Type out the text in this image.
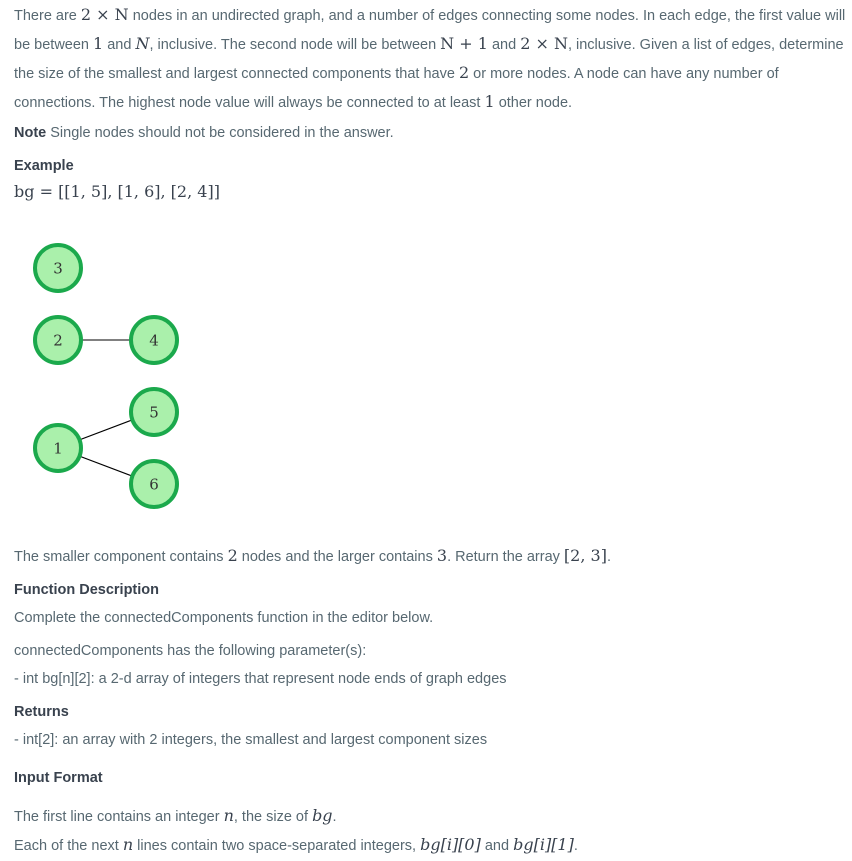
There are 2 × N nodes in an undirected graph, and a number of edges connecting some nodes. In each edge, the first value will be between 1 and N, inclusive. The second node will be between N + 1 and 2 × N, inclusive. Given a list of edges, determine the size of the smallest and largest connected components that have 2 or more nodes. A node can have any number of connections. The highest node value will always be connected to at least 1 other node.

Note Single nodes should not be considered in the answer.

Example

bg = [[1, 5], [1, 6], [2, 4]]

3
2	4
5
1
6

The smaller component contains 2 nodes and the larger contains 3. Return the array [2, 3].

Function Description

Complete the connectedComponents function in the editor below.

connectedComponents has the following parameter(s):

- int bg[n][2]: a 2-d array of integers that represent node ends of graph edges

Returns

- int[2]: an array with 2 integers, the smallest and largest component sizes

Input Format

The first line contains an integer n, the size of bg.

Each of the next n lines contain two space-separated integers, bg[i][0] and bg[i][1].
